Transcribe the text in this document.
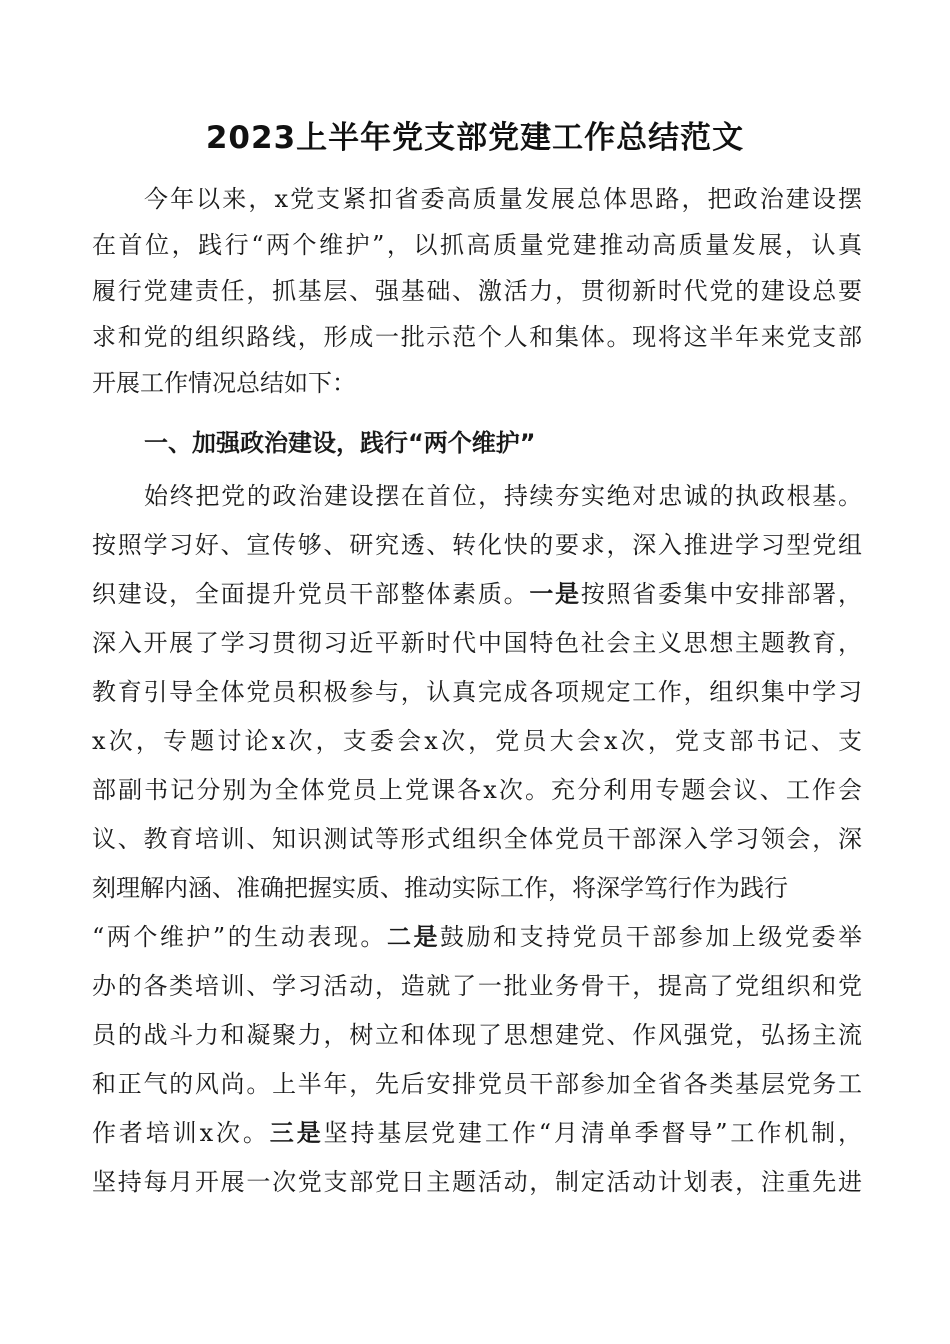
2023上半年党支部党建工作总结范文
今年以来，x党支紧扣省委高质量发展总体思路，把政治建设摆
在首位，践行“两个维护”，以抓高质量党建推动高质量发展，认真
履行党建责任，抓基层、强基础、激活力，贯彻新时代党的建设总要
求和党的组织路线，形成一批示范个人和集体。现将这半年来党支部
开展工作情况总结如下：
一、加强政治建设，践行“两个维护”
始终把党的政治建设摆在首位，持续夯实绝对忠诚的执政根基。
按照学习好、宣传够、研究透、转化快的要求，深入推进学习型党组
织建设，全面提升党员干部整体素质。一是按照省委集中安排部署，
深入开展了学习贯彻习近平新时代中国特色社会主义思想主题教育，
教育引导全体党员积极参与，认真完成各项规定工作，组织集中学习
x次，专题讨论x次，支委会x次，党员大会x次，党支部书记、支
部副书记分别为全体党员上党课各x次。充分利用专题会议、工作会
议、教育培训、知识测试等形式组织全体党员干部深入学习领会，深
刻理解内涵、准确把握实质、推动实际工作，将深学笃行作为践行
“两个维护”的生动表现。二是鼓励和支持党员干部参加上级党委举
办的各类培训、学习活动，造就了一批业务骨干，提高了党组织和党
员的战斗力和凝聚力，树立和体现了思想建党、作风强党，弘扬主流
和正气的风尚。上半年，先后安排党员干部参加全省各类基层党务工
作者培训x次。三是坚持基层党建工作“月清单季督导”工作机制，
坚持每月开展一次党支部党日主题活动，制定活动计划表，注重先进
